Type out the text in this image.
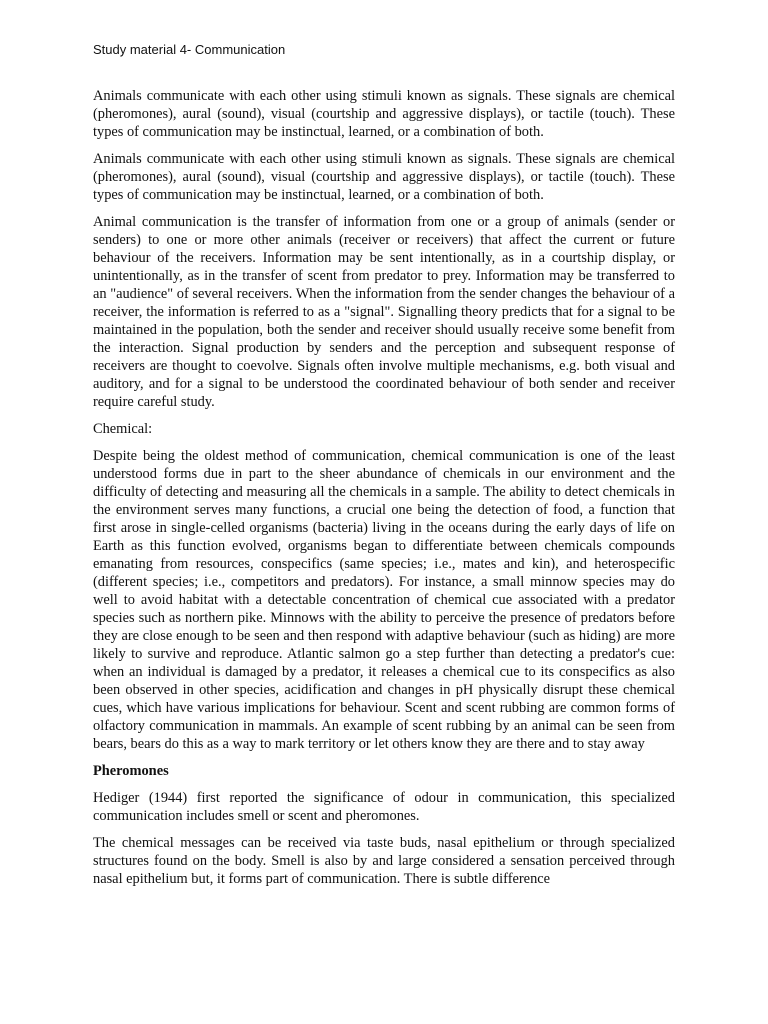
Study material 4- Communication

Animals communicate with each other using stimuli known as signals. These signals are chemical (pheromones), aural (sound), visual (courtship and aggressive displays), or tactile (touch). These types of communication may be instinctual, learned, or a combination of both.

Animals communicate with each other using stimuli known as signals. These signals are chemical (pheromones), aural (sound), visual (courtship and aggressive displays), or tactile (touch). These types of communication may be instinctual, learned, or a combination of both.

Animal communication is the transfer of information from one or a group of animals (sender or senders) to one or more other animals (receiver or receivers) that affect the current or future behaviour of the receivers. Information may be sent intentionally, as in a courtship display, or unintentionally, as in the transfer of scent from predator to prey. Information may be transferred to an "audience" of several receivers. When the information from the sender changes the behaviour of a receiver, the information is referred to as a "signal". Signalling theory predicts that for a signal to be maintained in the population, both the sender and receiver should usually receive some benefit from the interaction. Signal production by senders and the perception and subsequent response of receivers are thought to coevolve. Signals often involve multiple mechanisms, e.g. both visual and auditory, and for a signal to be understood the coordinated behaviour of both sender and receiver require careful study.

Chemical:

Despite being the oldest method of communication, chemical communication is one of the least understood forms due in part to the sheer abundance of chemicals in our environment and the difficulty of detecting and measuring all the chemicals in a sample. The ability to detect chemicals in the environment serves many functions, a crucial one being the detection of food, a function that first arose in single-celled organisms (bacteria) living in the oceans during the early days of life on Earth as this function evolved, organisms began to differentiate between chemicals compounds emanating from resources, conspecifics (same species; i.e., mates and kin), and heterospecific (different species; i.e., competitors and predators). For instance, a small minnow species may do well to avoid habitat with a detectable concentration of chemical cue associated with a predator species such as northern pike. Minnows with the ability to perceive the presence of predators before they are close enough to be seen and then respond with adaptive behaviour (such as hiding) are more likely to survive and reproduce. Atlantic salmon go a step further than detecting a predator's cue: when an individual is damaged by a predator, it releases a chemical cue to its conspecifics as also been observed in other species, acidification and changes in pH physically disrupt these chemical cues, which have various implications for behaviour. Scent and scent rubbing are common forms of olfactory communication in mammals. An example of scent rubbing by an animal can be seen from bears, bears do this as a way to mark territory or let others know they are there and to stay away

Pheromones

Hediger (1944) first reported the significance of odour in communication, this specialized communication includes smell or scent and pheromones.

The chemical messages can be received via taste buds, nasal epithelium or through specialized structures found on the body. Smell is also by and large considered a sensation perceived through nasal epithelium but, it forms part of communication. There is subtle difference
